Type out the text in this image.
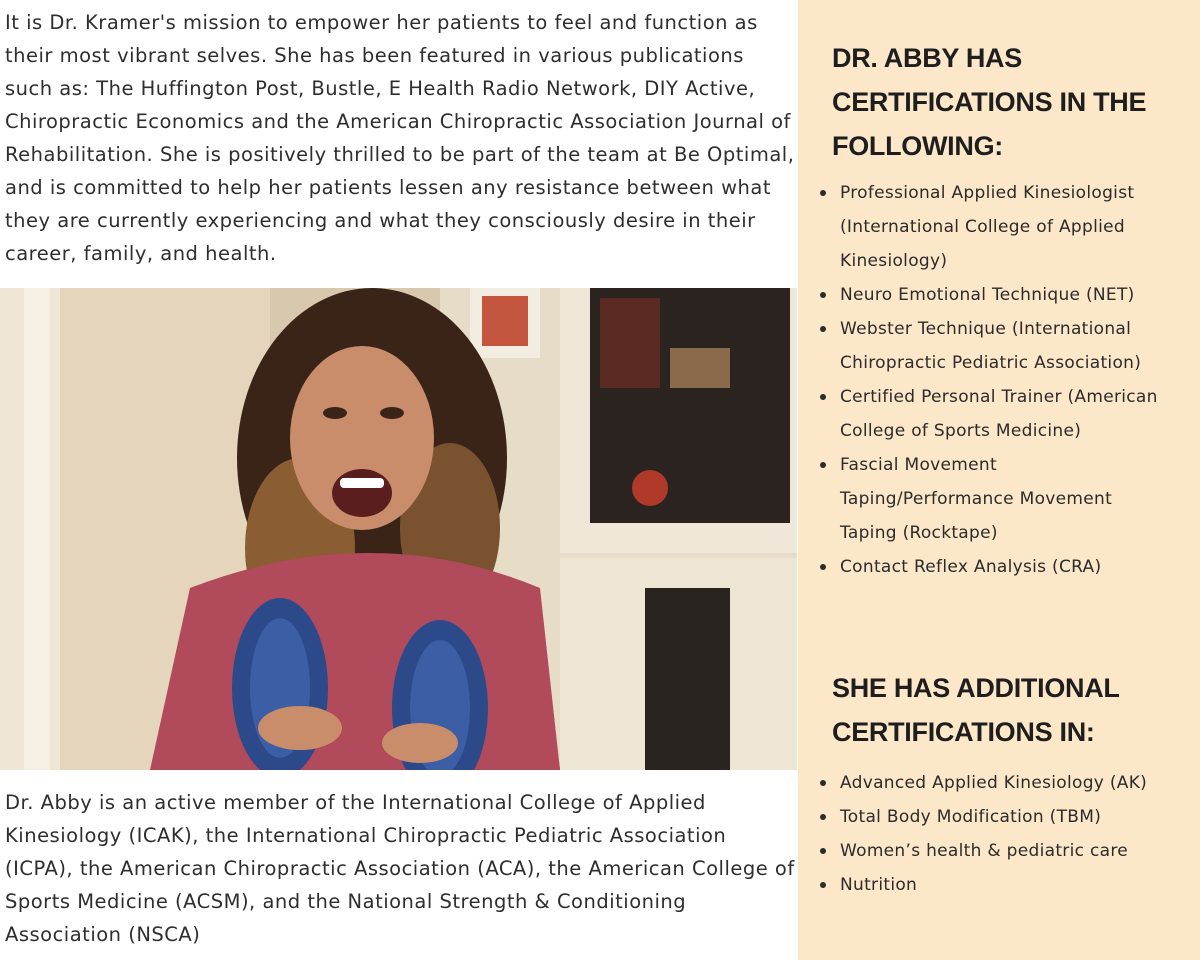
It is Dr. Kramer's mission to empower her patients to feel and function as their most vibrant selves. She has been featured in various publications such as: The Huffington Post, Bustle, E Health Radio Network, DIY Active, Chiropractic Economics and the American Chiropractic Association Journal of Rehabilitation. She is positively thrilled to be part of the team at Be Optimal, and is committed to help her patients lessen any resistance between what they are currently experiencing and what they consciously desire in their career, family, and health.

Dr. Abby is an active member of the International College of Applied Kinesiology (ICAK), the International Chiropractic Pediatric Association (ICPA), the American Chiropractic Association (ACA), the American College of Sports Medicine (ACSM), and the National Strength & Conditioning Association (NSCA)

DR. ABBY HAS CERTIFICATIONS IN THE FOLLOWING:
Professional Applied Kinesiologist (International College of Applied Kinesiology)
Neuro Emotional Technique (NET)
Webster Technique (International Chiropractic Pediatric Association)
Certified Personal Trainer (American College of Sports Medicine)
Fascial Movement Taping/Performance Movement Taping (Rocktape)
Contact Reflex Analysis (CRA)
SHE HAS ADDITIONAL CERTIFICATIONS IN:
Advanced Applied Kinesiology (AK)
Total Body Modification (TBM)
Women’s health & pediatric care
Nutrition
